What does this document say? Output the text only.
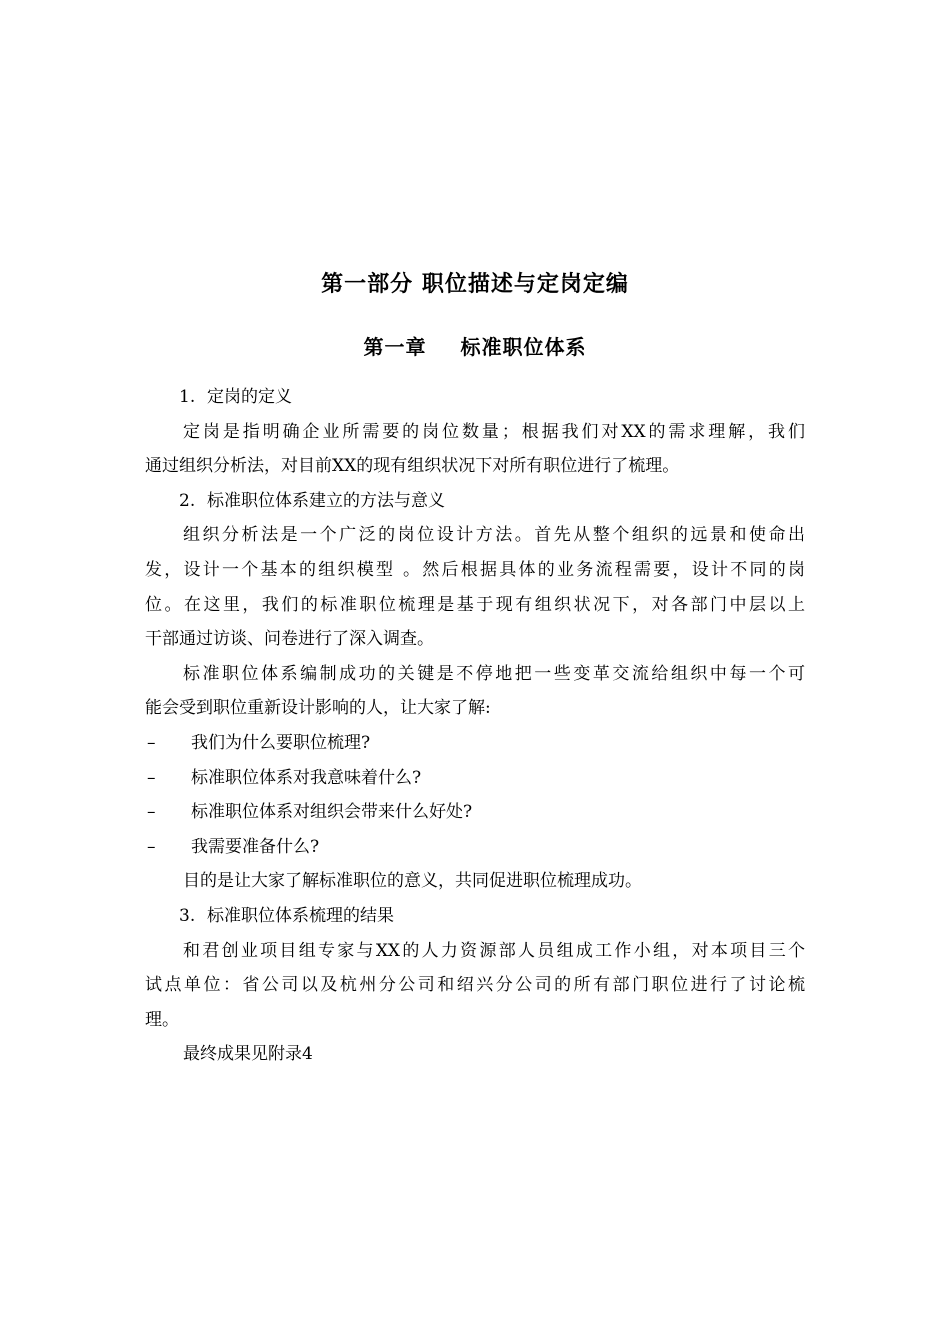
第一部分 职位描述与定岗定编
第一章 标准职位体系
1. 定岗的定义
定岗是指明确企业所需要的岗位数量；根据我们对XX的需求理解，我们
通过组织分析法，对目前XX的现有组织状况下对所有职位进行了梳理。
2. 标准职位体系建立的方法与意义
组织分析法是一个广泛的岗位设计方法。首先从整个组织的远景和使命出
发，设计一个基本的组织模型 。然后根据具体的业务流程需要，设计不同的岗
位。在这里，我们的标准职位梳理是基于现有组织状况下，对各部门中层以上
干部通过访谈、问卷进行了深入调查。
标准职位体系编制成功的关键是不停地把一些变革交流给组织中每一个可
能会受到职位重新设计影响的人，让大家了解:
– 我们为什么要职位梳理?
– 标准职位体系对我意味着什么?
– 标准职位体系对组织会带来什么好处?
– 我需要准备什么?
目的是让大家了解标准职位的意义，共同促进职位梳理成功。
3. 标准职位体系梳理的结果
和君创业项目组专家与XX的人力资源部人员组成工作小组，对本项目三个
试点单位：省公司以及杭州分公司和绍兴分公司的所有部门职位进行了讨论梳
理。
最终成果见附录4
